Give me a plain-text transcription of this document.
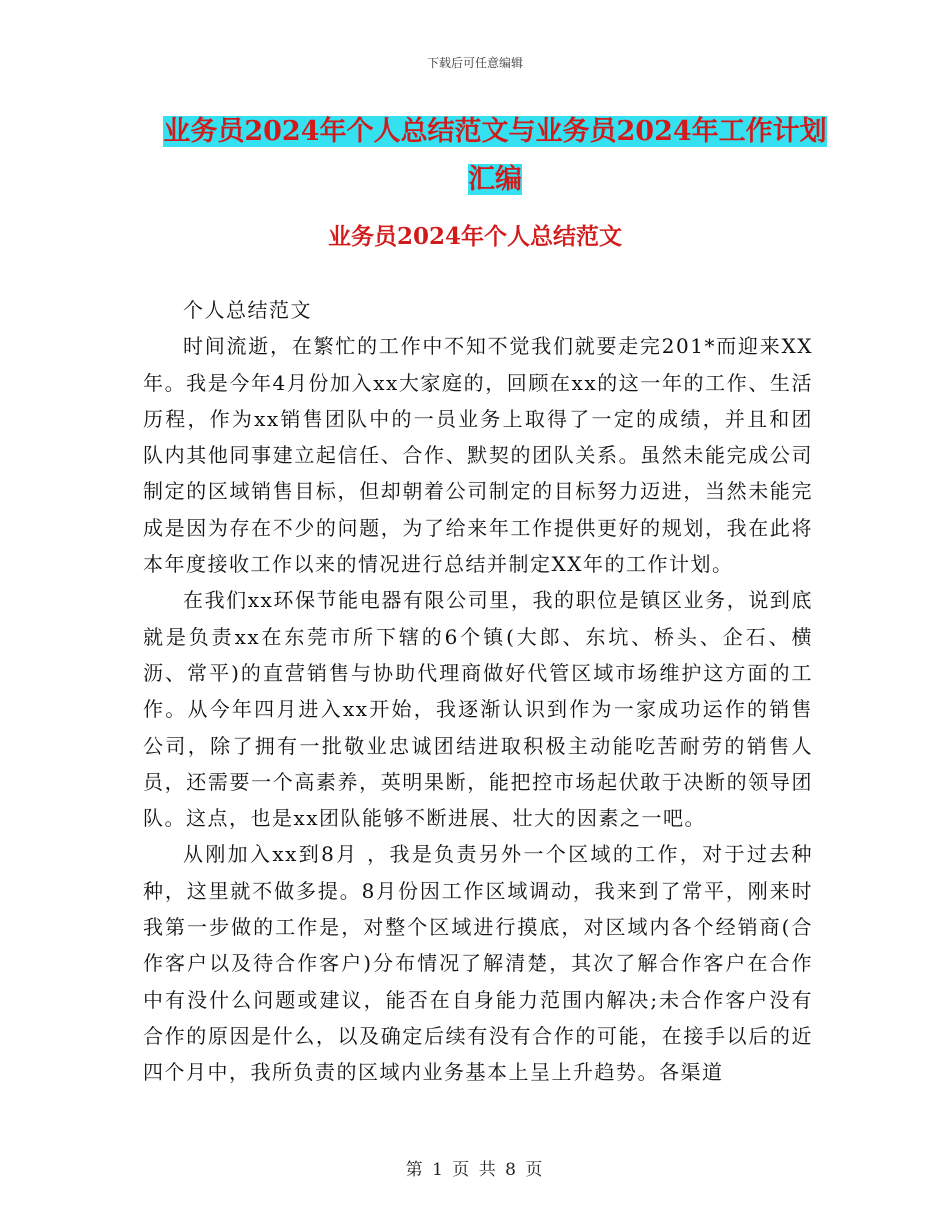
下载后可任意编辑
业务员2024年个人总结范文与业务员2024年工作计划汇编
业务员2024年个人总结范文

个人总结范文

时间流逝，在繁忙的工作中不知不觉我们就要走完201*而迎来XX年。我是今年4月份加入xx大家庭的，回顾在xx的这一年的工作、生活历程，作为xx销售团队中的一员业务上取得了一定的成绩，并且和团队内其他同事建立起信任、合作、默契的团队关系。虽然未能完成公司制定的区域销售目标，但却朝着公司制定的目标努力迈进，当然未能完成是因为存在不少的问题，为了给来年工作提供更好的规划，我在此将本年度接收工作以来的情况进行总结并制定XX年的工作计划。

在我们xx环保节能电器有限公司里，我的职位是镇区业务，说到底就是负责xx在东莞市所下辖的6个镇(大郎、东坑、桥头、企石、横沥、常平)的直营销售与协助代理商做好代管区域市场维护这方面的工作。从今年四月进入xx开始，我逐渐认识到作为一家成功运作的销售公司，除了拥有一批敬业忠诚团结进取积极主动能吃苦耐劳的销售人员，还需要一个高素养，英明果断，能把控市场起伏敢于决断的领导团队。这点，也是xx团队能够不断进展、壮大的因素之一吧。

从刚加入xx到8月 ，我是负责另外一个区域的工作，对于过去种种，这里就不做多提。8月份因工作区域调动，我来到了常平，刚来时我第一步做的工作是，对整个区域进行摸底，对区域内各个经销商(合作客户以及待合作客户)分布情况了解清楚，其次了解合作客户在合作中有没什么问题或建议，能否在自身能力范围内解决;未合作客户没有合作的原因是什么，以及确定后续有没有合作的可能，在接手以后的近四个月中，我所负责的区域内业务基本上呈上升趋势。各渠道

第 1 页 共 8 页
